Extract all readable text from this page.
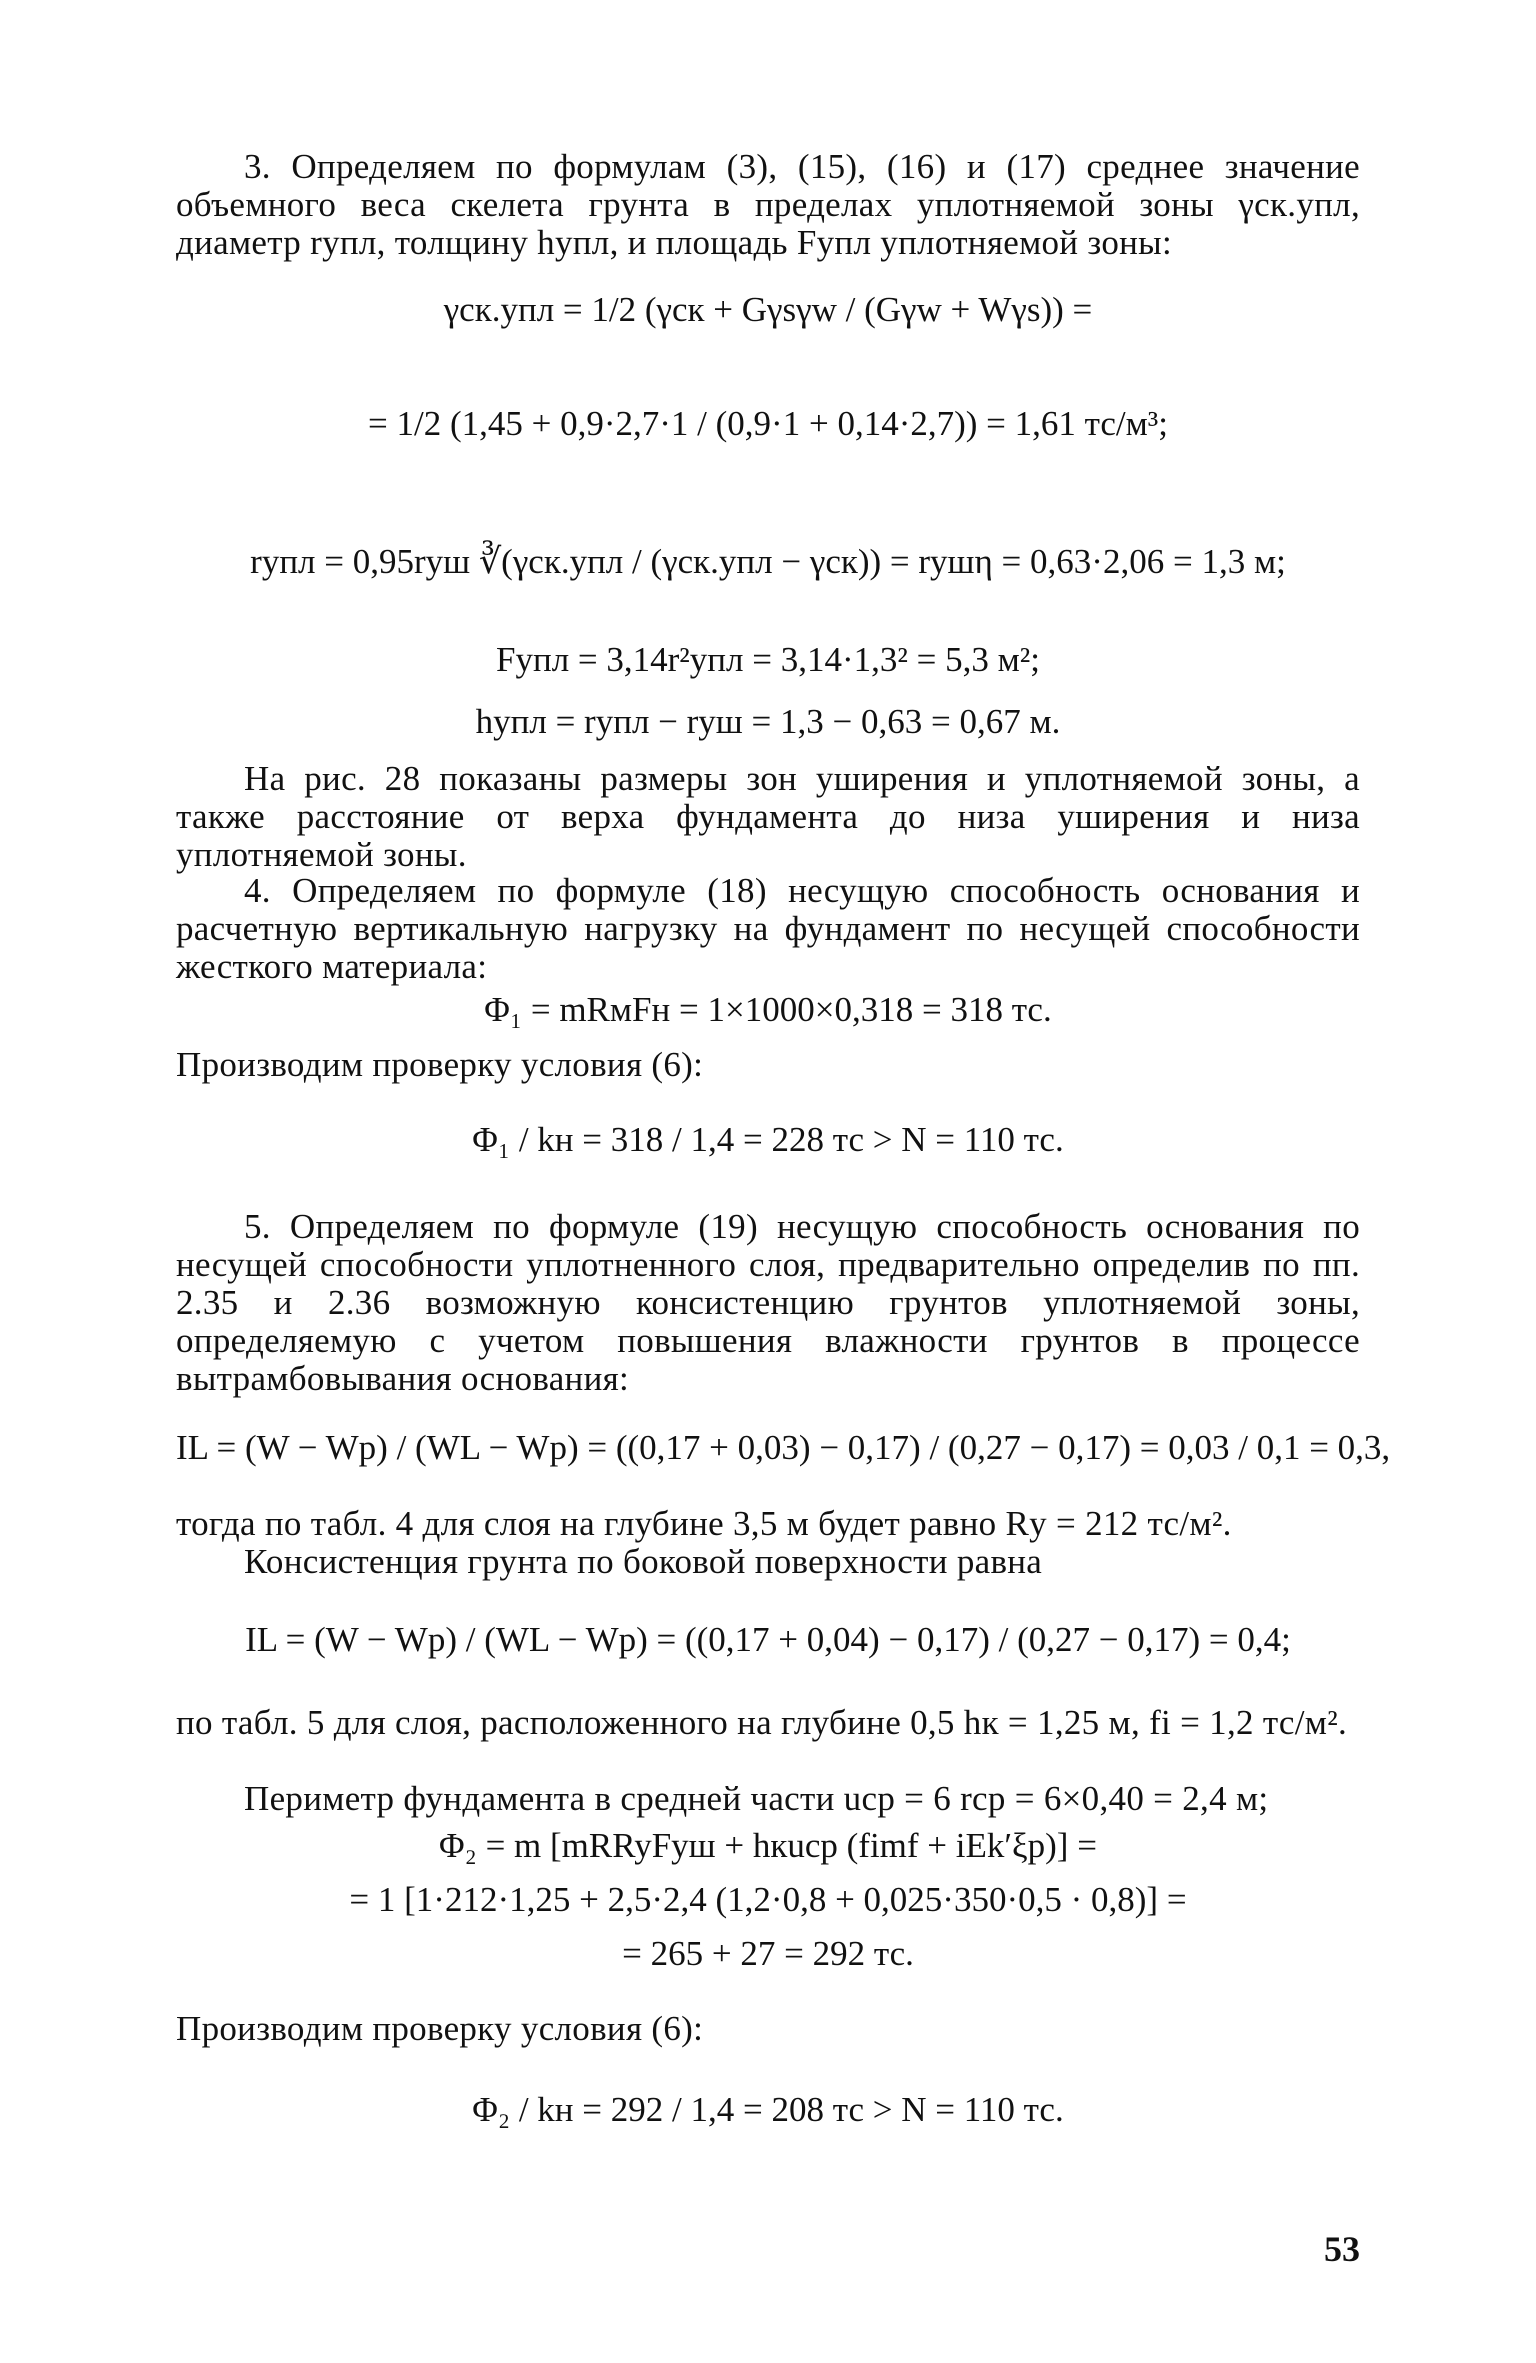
3. Определяем по формулам (3), (15), (16) и (17) среднее значение объемного веса скелета грунта в пределах уплотняемой зоны γск.упл, диаметр rупл, толщину hупл, и площадь Fупл уплотняемой зоны:

γск.упл = 1/2 (γск + Gγsγw / (Gγw + Wγs)) =
= 1/2 (1,45 + 0,9·2,7·1 / (0,9·1 + 0,14·2,7)) = 1,61 тс/м³;
rупл = 0,95rуш ∛(γск.упл / (γск.упл − γск)) = rушη = 0,63·2,06 = 1,3 м;
Fупл = 3,14r²упл = 3,14·1,3² = 5,3 м²;
hупл = rупл − rуш = 1,3 − 0,63 = 0,67 м.

На рис. 28 показаны размеры зон уширения и уплотняемой зоны, а также расстояние от верха фундамента до низа уширения и низа уплотняемой зоны.

4. Определяем по формуле (18) несущую способность основания и расчетную вертикальную нагрузку на фундамент по несущей способности жесткого материала:

Φ₁ = mRмFн = 1×1000×0,318 = 318 тс.

Производим проверку условия (6):

Φ₁ / kн = 318 / 1,4 = 228 тс > N = 110 тс.

5. Определяем по формуле (19) несущую способность основания по несущей способности уплотненного слоя, предварительно определив по пп. 2.35 и 2.36 возможную консистенцию грунтов уплотняемой зоны, определяемую с учетом повышения влажности грунтов в процессе вытрамбовывания основания:

IL = (W − Wp) / (WL − Wp) = ((0,17 + 0,03) − 0,17) / (0,27 − 0,17) = 0,03 / 0,1 = 0,3,

тогда по табл. 4 для слоя на глубине 3,5 м будет равно Rу = 212 тс/м².

Консистенция грунта по боковой поверхности равна

IL = (W − Wp) / (WL − Wp) = ((0,17 + 0,04) − 0,17) / (0,27 − 0,17) = 0,4;

по табл. 5 для слоя, расположенного на глубине 0,5 hк = 1,25 м, fi = 1,2 тс/м².

Периметр фундамента в средней части uср = 6 rср = 6×0,40 = 2,4 м;

Φ₂ = m [mRRyFуш + hкuср (fimf + iEk′ξp)] =
= 1 [1·212·1,25 + 2,5·2,4 (1,2·0,8 + 0,025·350·0,5 · 0,8)] =
= 265 + 27 = 292 тс.

Производим проверку условия (6):

Φ₂ / kн = 292 / 1,4 = 208 тс > N = 110 тс.
53
